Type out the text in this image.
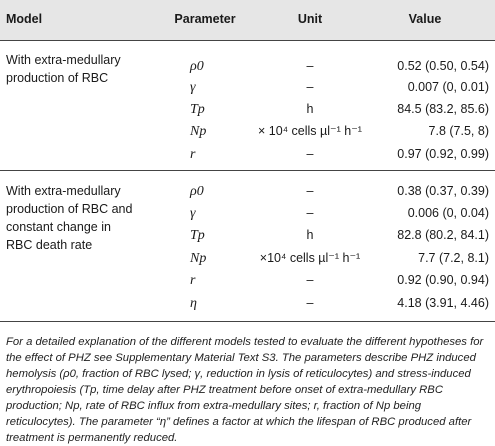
Model	Parameter	Unit	Value
With extra-medullary
production of RBC
ρ0	–	0.52 (0.50, 0.54)
γ	–	0.007 (0, 0.01)
Tp	h	84.5 (83.2, 85.6)
Np	× 10⁴ cells µl⁻¹ h⁻¹	7.8 (7.5, 8)
r	–	0.97 (0.92, 0.99)
With extra-medullary
production of RBC and
constant change in
RBC death rate
ρ0	–	0.38 (0.37, 0.39)
γ	–	0.006 (0, 0.04)
Tp	h	82.8 (80.2, 84.1)
Np	×10⁴ cells µl⁻¹ h⁻¹	7.7 (7.2, 8.1)
r	–	0.92 (0.90, 0.94)
η	–	4.18 (3.91, 4.46)
For a detailed explanation of the different models tested to evaluate the different hypotheses for the effect of PHZ see Supplementary Material Text S3. The parameters describe PHZ induced hemolysis (ρ0, fraction of RBC lysed; γ, reduction in lysis of reticulocytes) and stress-induced erythropoiesis (Tp, time delay after PHZ treatment before onset of extra-medullary RBC production; Np, rate of RBC influx from extra-medullary sites; r, fraction of Np being reticulocytes). The parameter “η” defines a factor at which the lifespan of RBC produced after treatment is permanently reduced.
